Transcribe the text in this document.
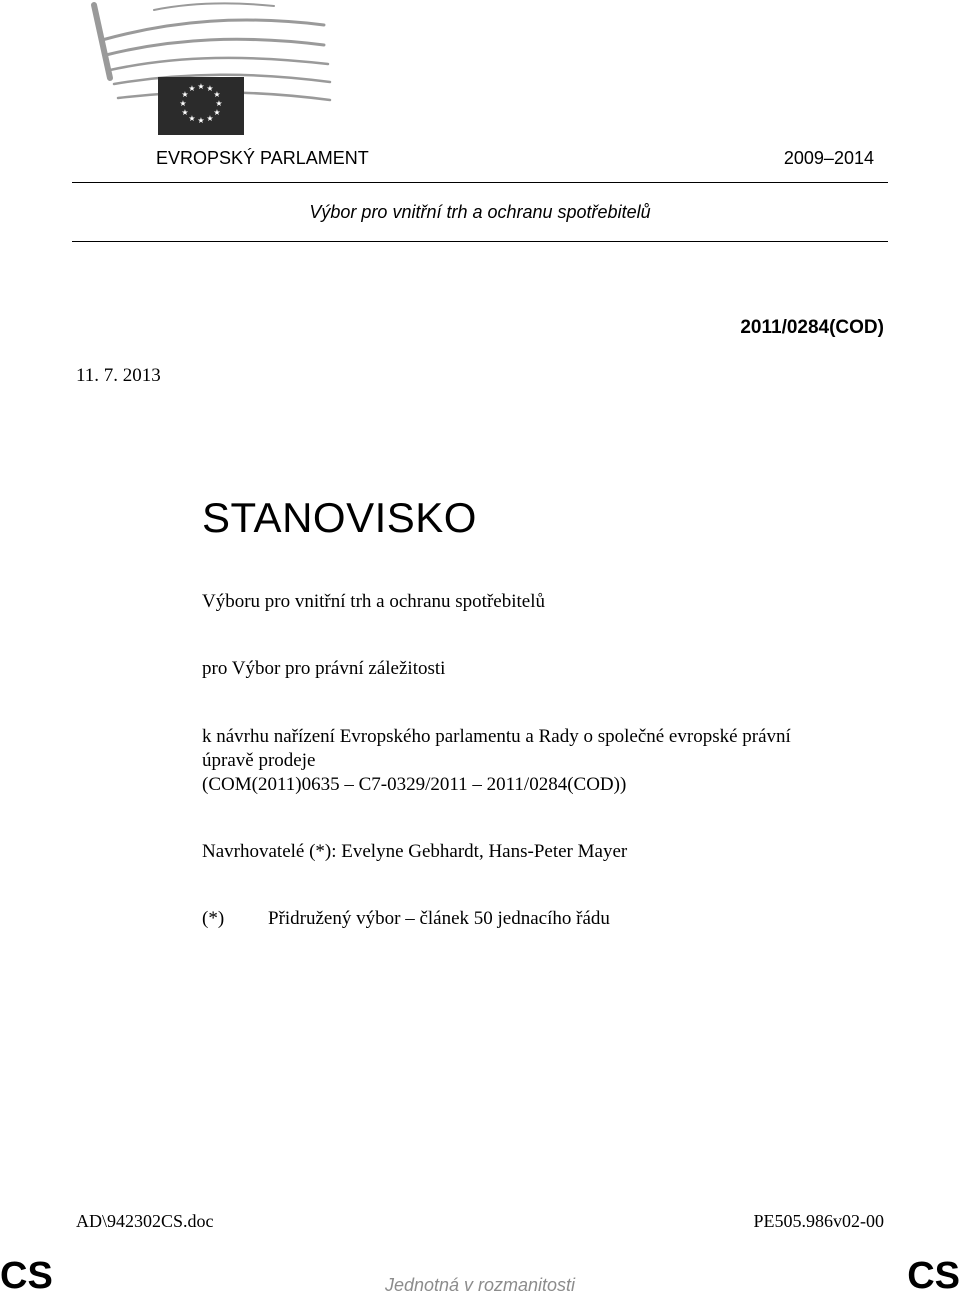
★ ★
★
★
★
★
★
★
★
★
★
★
EVROPSKÝ PARLAMENT	2009–2014
Výbor pro vnitřní trh a ochranu spotřebitelů
2011/0284(COD)
11. 7. 2013
STANOVISKO
Výboru pro vnitřní trh a ochranu spotřebitelů
pro Výbor pro právní záležitosti
k návrhu nařízení Evropského parlamentu a Rady o společné evropské právní
úpravě prodeje
(COM(2011)0635 – C7-0329/2011 – 2011/0284(COD))
Navrhovatelé (*): Evelyne Gebhardt, Hans-Peter Mayer
(*) Přidružený výbor – článek 50 jednacího řádu
AD\942302CS.doc	PE505.986v02-00
CS	CS
Jednotná v rozmanitosti
